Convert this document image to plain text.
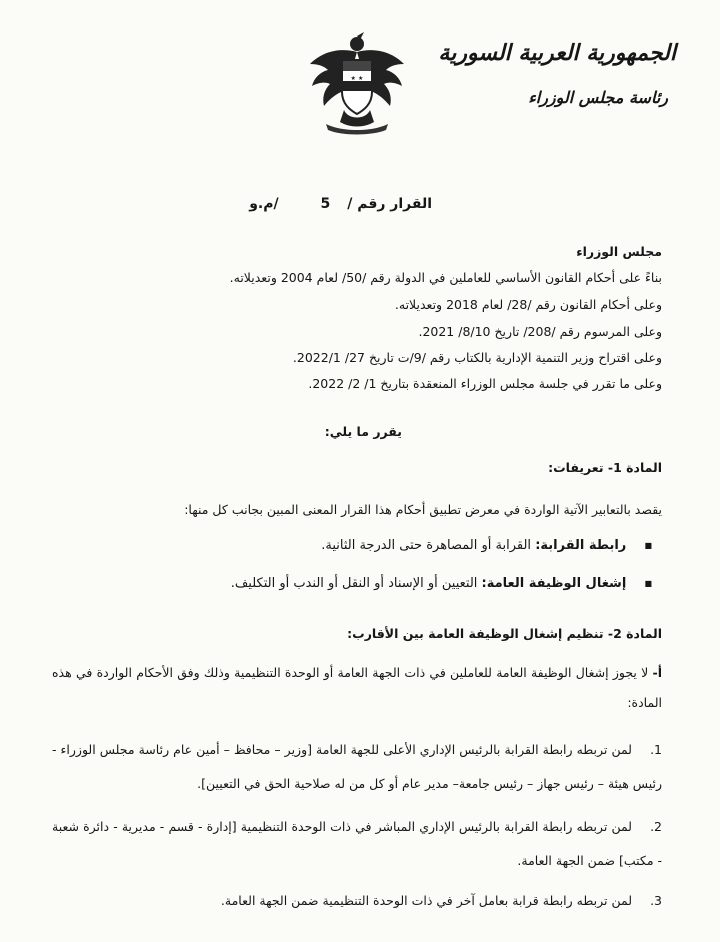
الجمهورية العربية السورية
رئاسة مجلس الوزراء
★ ★
القرار رقم / 5  /م.و
مجلس الوزراء
بناءً على أحكام القانون الأساسي للعاملين في الدولة رقم /50/ لعام 2004 وتعديلاته.
وعلى أحكام القانون رقم /28/ لعام 2018 وتعديلاته.
وعلى المرسوم رقم /208/ تاريخ 8/10/ 2021.
وعلى اقتراح وزير التنمية الإدارية بالكتاب رقم /9/ت تاريخ 27/ 2022/1.
وعلى ما تقرر في جلسة مجلس الوزراء المنعقدة بتاريخ 1/ 2/ 2022.
يقرر ما يلي:
المادة 1- تعريفات:
يقصد بالتعابير الآتية الواردة في معرض تطبيق أحكام هذا القرار المعنى المبين بجانب كل منها:
■ رابطة القرابة: القرابة أو المصاهرة حتى الدرجة الثانية.
■ إشغال الوظيفة العامة: التعيين أو الإسناد أو النقل أو الندب أو التكليف.
المادة 2- تنظيم إشغال الوظيفة العامة بين الأقارب:
أ- لا يجوز إشغال الوظيفة العامة للعاملين في ذات الجهة العامة أو الوحدة التنظيمية وذلك وفق الأحكام الواردة في هذه المادة:
1.لمن تربطه رابطة القرابة بالرئيس الإداري الأعلى للجهة العامة [وزير – محافظ – أمين عام رئاسة مجلس الوزراء - رئيس هيئة – رئيس جهاز – رئيس جامعة– مدير عام أو كل من له صلاحية الحق في التعيين].
2.لمن تربطه رابطة القرابة بالرئيس الإداري المباشر في ذات الوحدة التنظيمية [إدارة - قسم - مديرية - دائرة شعبة - مكتب] ضمن الجهة العامة.
3.لمن تربطه رابطة قرابة بعامل آخر في ذات الوحدة التنظيمية ضمن الجهة العامة.
